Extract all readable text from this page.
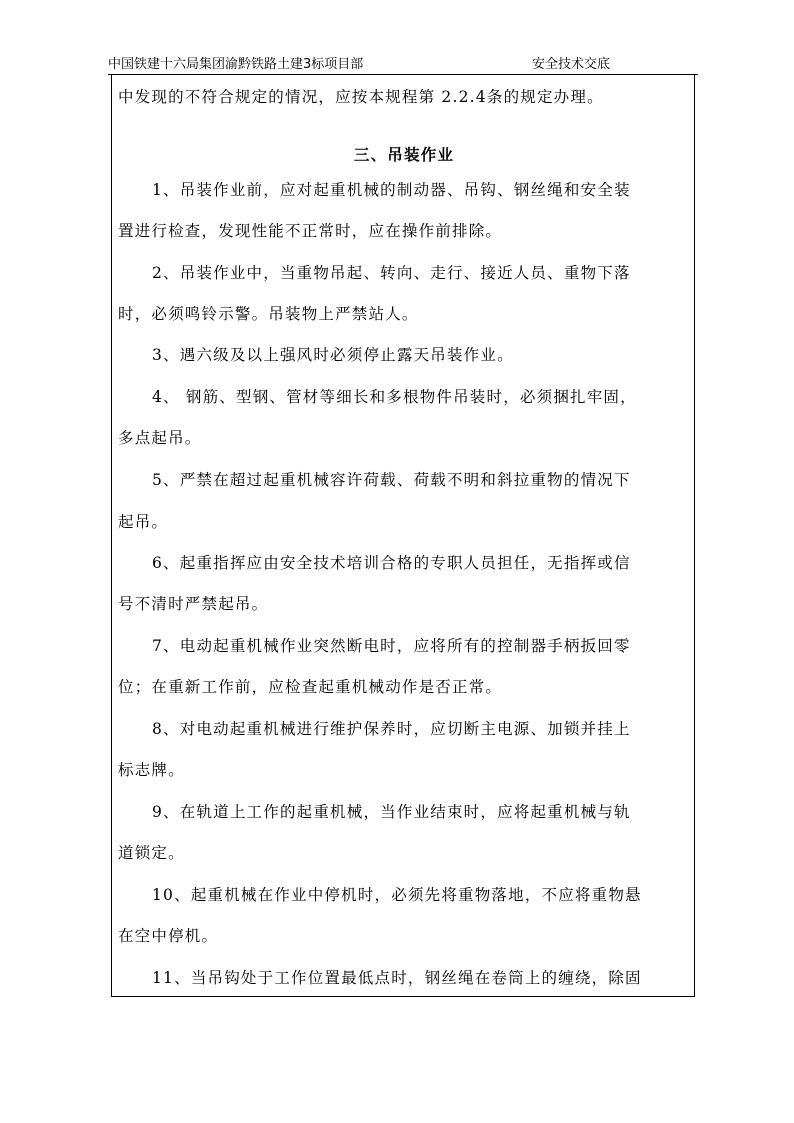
中国铁建十六局集团渝黔铁路土建3标项目部	安全技术交底
中发现的不符合规定的情况，应按本规程第 2.2.4条的规定办理。
三、吊装作业
1、吊装作业前，应对起重机械的制动器、吊钩、钢丝绳和安全装
置进行检查，发现性能不正常时，应在操作前排除。
2、吊装作业中，当重物吊起、转向、走行、接近人员、重物下落
时，必须鸣铃示警。吊装物上严禁站人。
3、遇六级及以上强风时必须停止露天吊装作业。
4、 钢筋、型钢、管材等细长和多根物件吊装时，必须捆扎牢固，
多点起吊。
5、严禁在超过起重机械容许荷载、荷载不明和斜拉重物的情况下
起吊。
6、起重指挥应由安全技术培训合格的专职人员担任，无指挥或信
号不清时严禁起吊。
7、电动起重机械作业突然断电时，应将所有的控制器手柄扳回零
位；在重新工作前，应检查起重机械动作是否正常。
8、对电动起重机械进行维护保养时，应切断主电源、加锁并挂上
标志牌。
9、在轨道上工作的起重机械，当作业结束时，应将起重机械与轨
道锁定。
10、起重机械在作业中停机时，必须先将重物落地，不应将重物悬
在空中停机。
11、当吊钩处于工作位置最低点时，钢丝绳在卷筒上的缠绕，除固
